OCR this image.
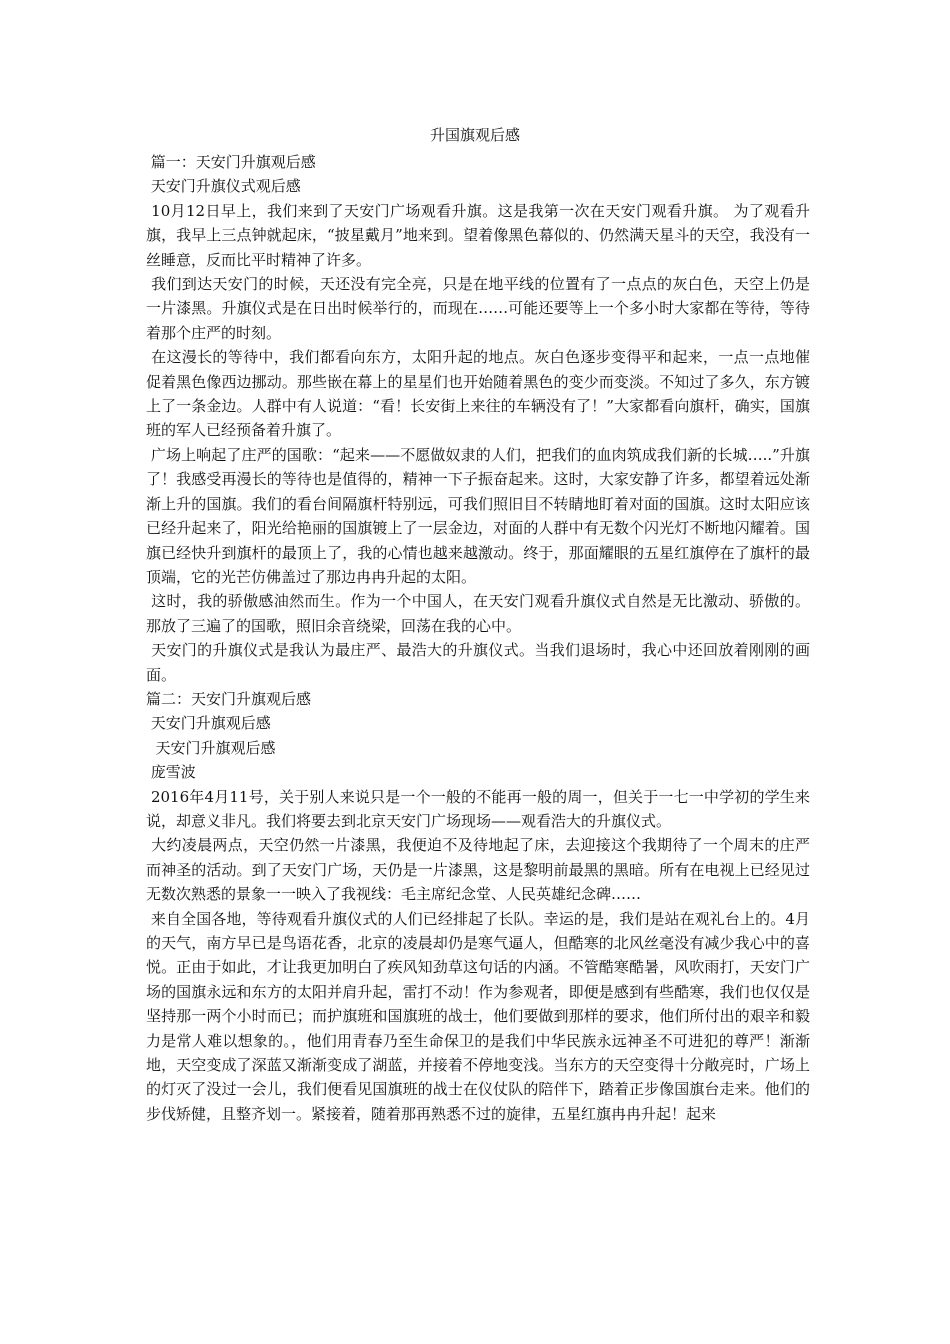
升国旗观后感

篇一：天安门升旗观后感

天安门升旗仪式观后感

10月12日早上，我们来到了天安门广场观看升旗。这是我第一次在天安门观看升旗。 为了观看升旗，我早上三点钟就起床，“披星戴月”地来到。望着像黑色幕似的、仍然满天星斗的天空，我没有一丝睡意，反而比平时精神了许多。

我们到达天安门的时候，天还没有完全亮，只是在地平线的位置有了一点点的灰白色，天空上仍是一片漆黑。升旗仪式是在日出时候举行的，而现在……可能还要等上一个多小时大家都在等待，等待着那个庄严的时刻。

在这漫长的等待中，我们都看向东方，太阳升起的地点。灰白色逐步变得平和起来，一点一点地催促着黑色像西边挪动。那些嵌在幕上的星星们也开始随着黑色的变少而变淡。不知过了多久，东方镀上了一条金边。人群中有人说道：“看！长安街上来往的车辆没有了！”大家都看向旗杆，确实，国旗班的军人已经预备着升旗了。

广场上响起了庄严的国歌：“起来——不愿做奴隶的人们，把我们的血肉筑成我们新的长城…..”升旗了！我感受再漫长的等待也是值得的，精神一下子振奋起来。这时，大家安静了许多，都望着远处渐渐上升的国旗。我们的看台间隔旗杆特别远，可我们照旧目不转睛地盯着对面的国旗。这时太阳应该已经升起来了，阳光给艳丽的国旗镀上了一层金边，对面的人群中有无数个闪光灯不断地闪耀着。国旗已经快升到旗杆的最顶上了，我的心情也越来越激动。终于，那面耀眼的五星红旗停在了旗杆的最顶端，它的光芒仿佛盖过了那边冉冉升起的太阳。

这时，我的骄傲感油然而生。作为一个中国人，在天安门观看升旗仪式自然是无比激动、骄傲的。那放了三遍了的国歌，照旧余音绕梁，回荡在我的心中。

天安门的升旗仪式是我认为最庄严、最浩大的升旗仪式。当我们退场时，我心中还回放着刚刚的画面。

篇二：天安门升旗观后感

天安门升旗观后感

天安门升旗观后感

庞雪波

2016年4月11号，关于别人来说只是一个一般的不能再一般的周一，但关于一七一中学初的学生来说，却意义非凡。我们将要去到北京天安门广场现场——观看浩大的升旗仪式。

大约凌晨两点，天空仍然一片漆黑，我便迫不及待地起了床，去迎接这个我期待了一个周末的庄严而神圣的活动。到了天安门广场，天仍是一片漆黑，这是黎明前最黑的黑暗。所有在电视上已经见过无数次熟悉的景象一一映入了我视线：毛主席纪念堂、人民英雄纪念碑……

来自全国各地，等待观看升旗仪式的人们已经排起了长队。幸运的是，我们是站在观礼台上的。4月的天气，南方早已是鸟语花香，北京的凌晨却仍是寒气逼人，但酷寒的北风丝毫没有减少我心中的喜悦。正由于如此，才让我更加明白了疾风知劲草这句话的内涵。不管酷寒酷暑，风吹雨打，天安门广场的国旗永远和东方的太阳并肩升起，雷打不动！作为参观者，即便是感到有些酷寒，我们也仅仅是坚持那一两个小时而已；而护旗班和国旗班的战士，他们要做到那样的要求，他们所付出的艰辛和毅力是常人难以想象的。，他们用青春乃至生命保卫的是我们中华民族永远神圣不可进犯的尊严！渐渐地，天空变成了深蓝又渐渐变成了湖蓝，并接着不停地变浅。当东方的天空变得十分敞亮时，广场上的灯灭了没过一会儿，我们便看见国旗班的战士在仪仗队的陪伴下，踏着正步像国旗台走来。他们的步伐矫健，且整齐划一。紧接着，随着那再熟悉不过的旋律，五星红旗冉冉升起！起来
